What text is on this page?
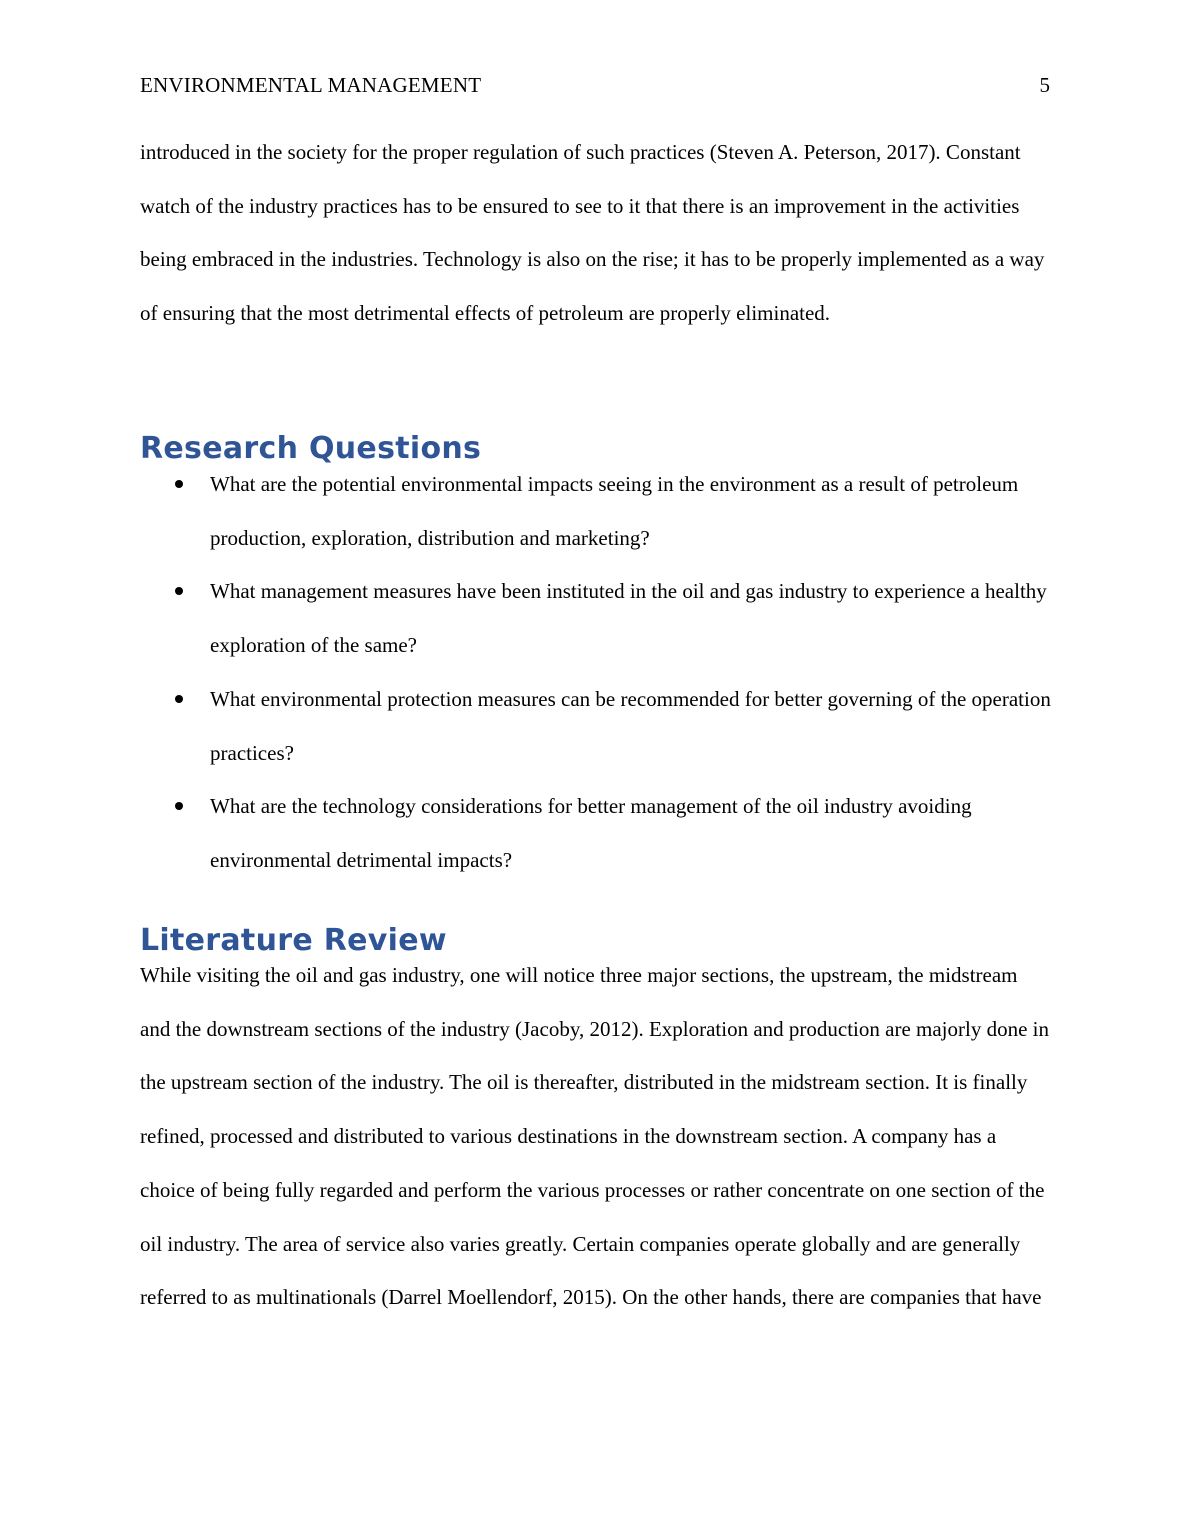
ENVIRONMENTAL MANAGEMENT	5

introduced in the society for the proper regulation of such practices (Steven A. Peterson, 2017). Constant watch of the industry practices has to be ensured to see to it that there is an improvement in the activities being embraced in the industries. Technology is also on the rise; it has to be properly implemented as a way of ensuring that the most detrimental effects of petroleum are properly eliminated.

Research Questions
What are the potential environmental impacts seeing in the environment as a result of petroleum production, exploration, distribution and marketing?
What management measures have been instituted in the oil and gas industry to experience a healthy exploration of the same?
What environmental protection measures can be recommended for better governing of the operation practices?
What are the technology considerations for better management of the oil industry avoiding environmental detrimental impacts?
Literature Review

While visiting the oil and gas industry, one will notice three major sections, the upstream, the midstream and the downstream sections of the industry (Jacoby, 2012). Exploration and production are majorly done in the upstream section of the industry. The oil is thereafter, distributed in the midstream section. It is finally refined, processed and distributed to various destinations in the downstream section. A company has a choice of being fully regarded and perform the various processes or rather concentrate on one section of the oil industry. The area of service also varies greatly. Certain companies operate globally and are generally referred to as multinationals (Darrel Moellendorf, 2015). On the other hands, there are companies that have
